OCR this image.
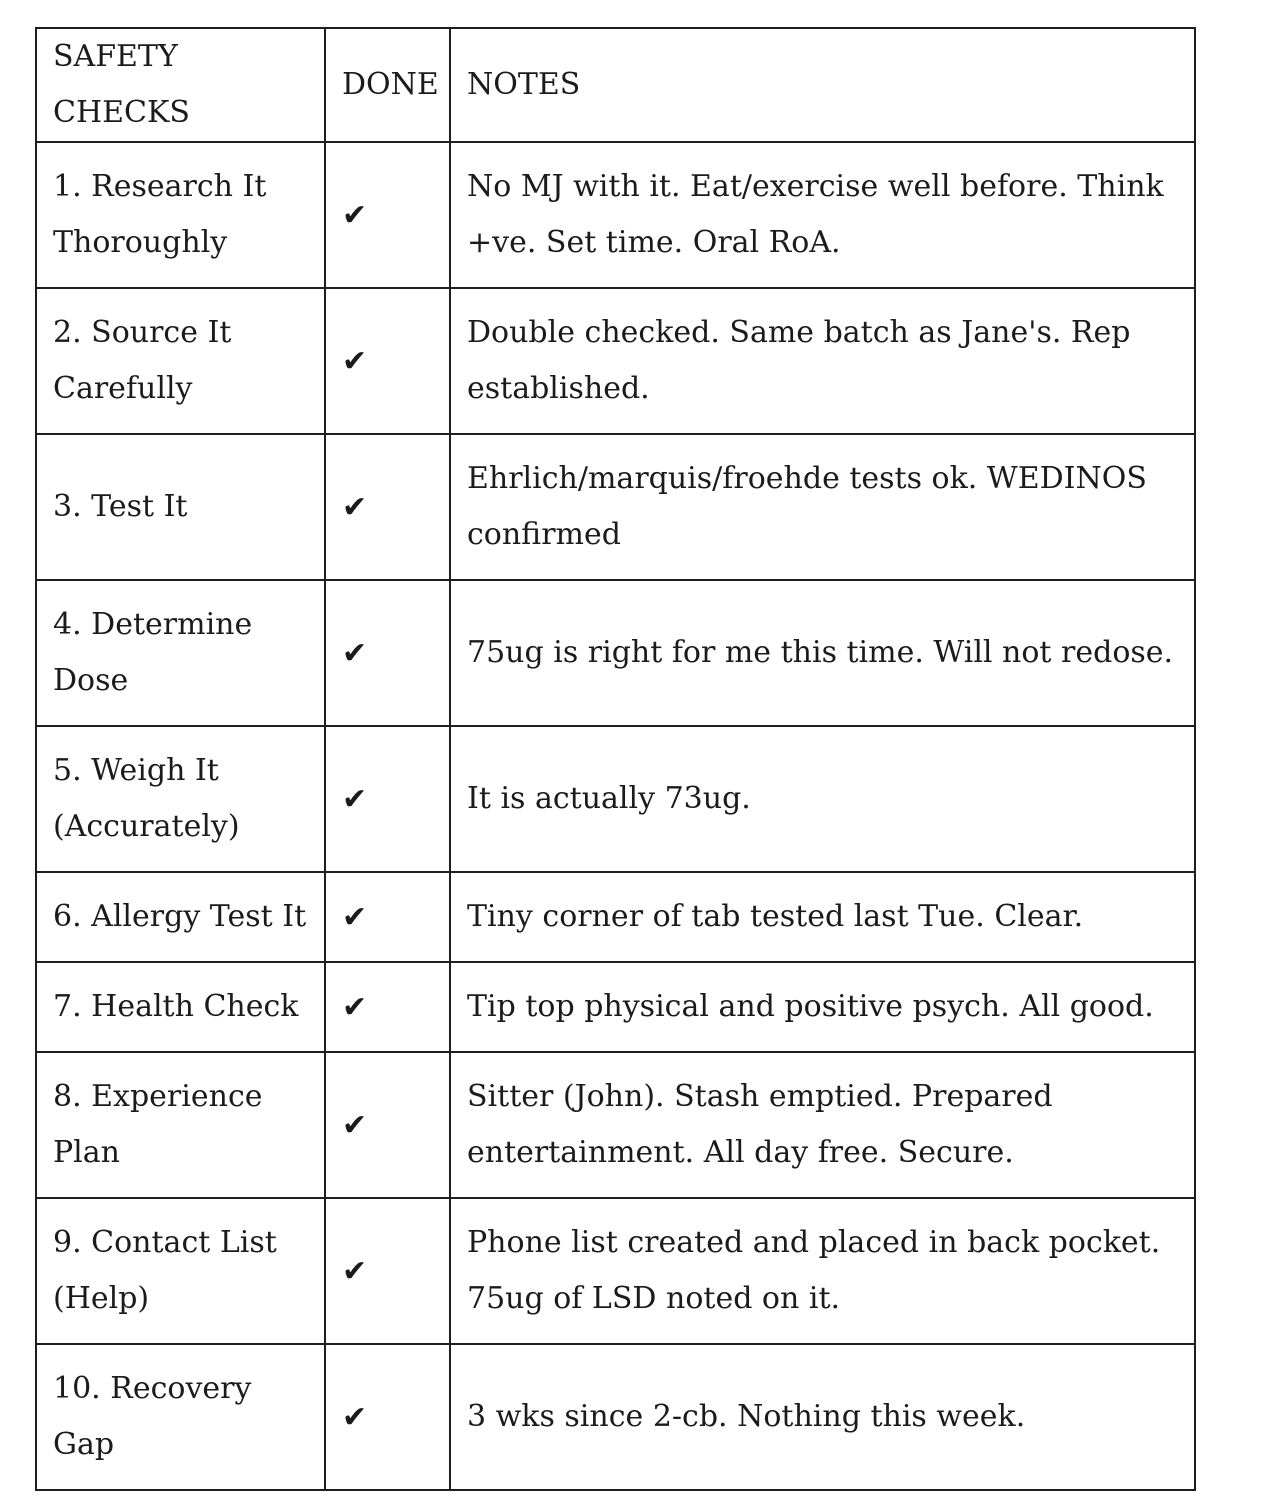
SAFETY CHECKS	DONE	NOTES
1. Research It Thoroughly	✔	No MJ with it. Eat/exercise well before. Think +ve. Set time. Oral RoA.
2. Source It Carefully	✔	Double checked. Same batch as Jane's. Rep established.
3. Test It	✔	Ehrlich/marquis/froehde tests ok. WEDINOS confirmed
4. Determine Dose	✔	75ug is right for me this time. Will not redose.
5. Weigh It (Accurately)	✔	It is actually 73ug.
6. Allergy Test It	✔	Tiny corner of tab tested last Tue. Clear.
7. Health Check	✔	Tip top physical and positive psych. All good.
8. Experience Plan	✔	Sitter (John). Stash emptied. Prepared entertainment. All day free. Secure.
9. Contact List (Help)	✔	Phone list created and placed in back pocket. 75ug of LSD noted on it.
10. Recovery Gap	✔	3 wks since 2-cb. Nothing this week.
